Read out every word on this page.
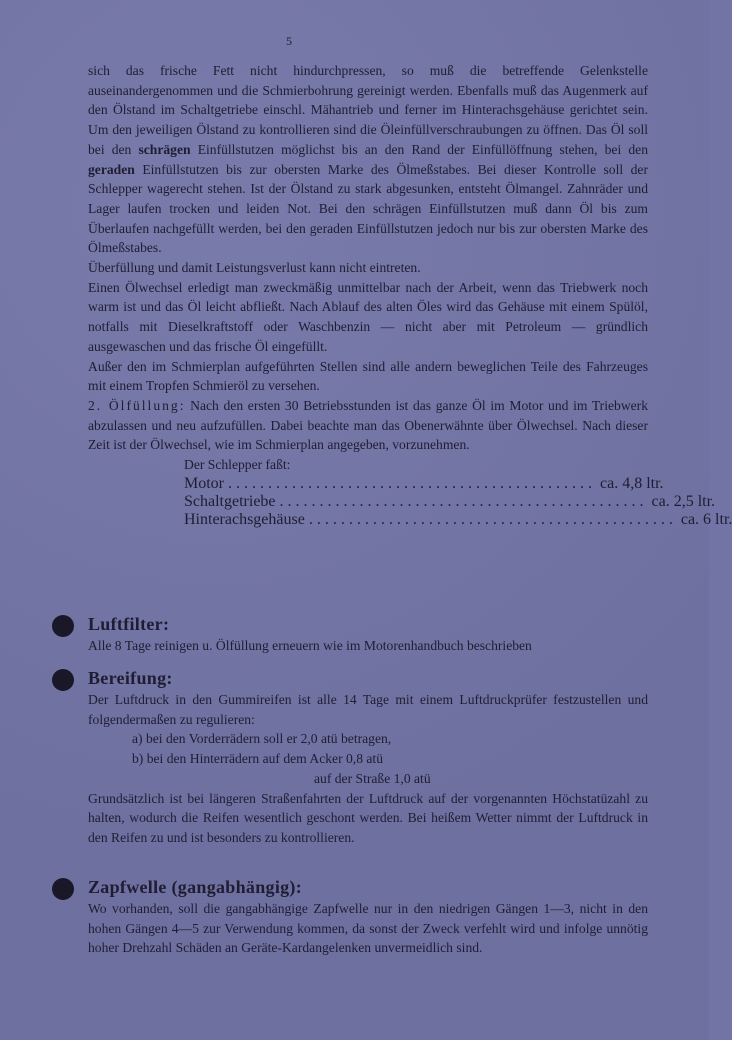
5

sich das frische Fett nicht hindurchpressen, so muß die betreffende Gelenkstelle auseinandergenommen und die Schmierbohrung gereinigt werden. Ebenfalls muß das Augenmerk auf den Ölstand im Schaltgetriebe einschl. Mähantrieb und ferner im Hinterachsgehäuse gerichtet sein. Um den jeweiligen Ölstand zu kontrollieren sind die Öleinfüllverschraubungen zu öffnen. Das Öl soll bei den schrägen Einfüllstutzen möglichst bis an den Rand der Einfüllöffnung stehen, bei den geraden Einfüllstutzen bis zur obersten Marke des Ölmeßstabes. Bei dieser Kontrolle soll der Schlepper wagerecht stehen. Ist der Ölstand zu stark abgesunken, entsteht Ölmangel. Zahnräder und Lager laufen trocken und leiden Not. Bei den schrägen Einfüllstutzen muß dann Öl bis zum Überlaufen nachgefüllt werden, bei den geraden Einfüllstutzen jedoch nur bis zur obersten Marke des Ölmeßstabes.

Überfüllung und damit Leistungsverlust kann nicht eintreten.

Einen Ölwechsel erledigt man zweckmäßig unmittelbar nach der Arbeit, wenn das Triebwerk noch warm ist und das Öl leicht abfließt. Nach Ablauf des alten Öles wird das Gehäuse mit einem Spülöl, notfalls mit Dieselkraftstoff oder Waschbenzin — nicht aber mit Petroleum — gründlich ausgewaschen und das frische Öl eingefüllt.

Außer den im Schmierplan aufgeführten Stellen sind alle andern beweglichen Teile des Fahrzeuges mit einem Tropfen Schmieröl zu versehen.

2. Ölfüllung: Nach den ersten 30 Betriebsstunden ist das ganze Öl im Motor und im Triebwerk abzulassen und neu aufzufüllen. Dabei beachte man das Obenerwähnte über Ölwechsel. Nach dieser Zeit ist der Ölwechsel, wie im Schmierplan angegeben, vorzunehmen.

Der Schlepper faßt:

Motor .............................................. ca. 4,8 ltr.
Schaltgetriebe .............................................. ca. 2,5 ltr.
Hinterachsgehäuse .............................................. ca. 6 ltr.
Luftfilter:

Alle 8 Tage reinigen u. Ölfüllung erneuern wie im Motorenhandbuch beschrieben

Bereifung:

Der Luftdruck in den Gummireifen ist alle 14 Tage mit einem Luftdruckprüfer festzustellen und folgendermaßen zu regulieren:

a) bei den Vorderrädern soll er 2,0 atü betragen,

b) bei den Hinterrädern auf dem Acker 0,8 atü

auf der Straße 1,0 atü

Grundsätzlich ist bei längeren Straßenfahrten der Luftdruck auf der vorgenannten Höchstatüzahl zu halten, wodurch die Reifen wesentlich geschont werden. Bei heißem Wetter nimmt der Luftdruck in den Reifen zu und ist besonders zu kontrollieren.

Zapfwelle (gangabhängig):

Wo vorhanden, soll die gangabhängige Zapfwelle nur in den niedrigen Gängen 1—3, nicht in den hohen Gängen 4—5 zur Verwendung kommen, da sonst der Zweck verfehlt wird und infolge unnötig hoher Drehzahl Schäden an Geräte-Kardangelenken unvermeidlich sind.
